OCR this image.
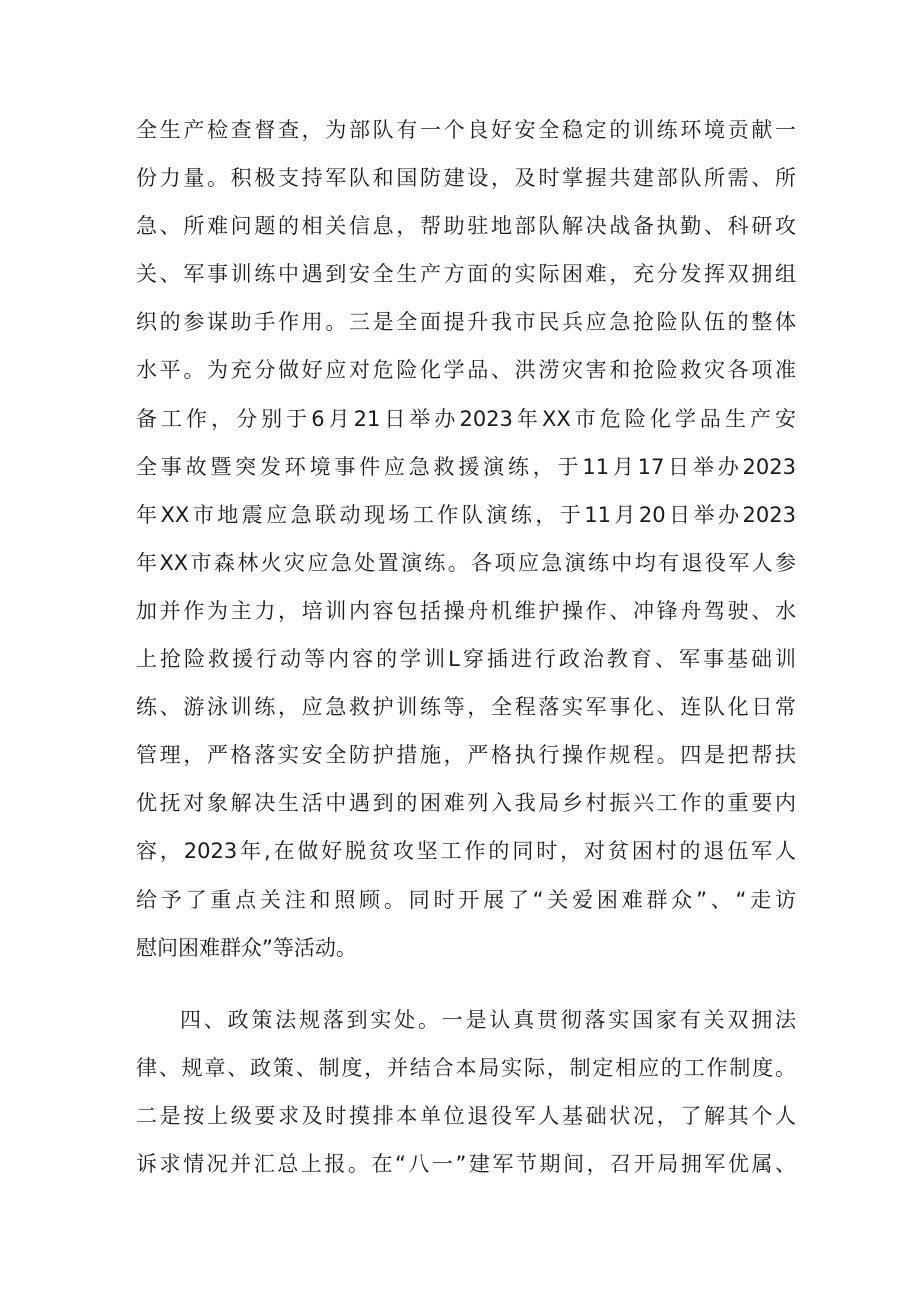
全生产检查督查，为部队有一个良好安全稳定的训练环境贡献一
份力量。积极支持军队和国防建设，及时掌握共建部队所需、所
急、所难问题的相关信息，帮助驻地部队解决战备执勤、科研攻
关、军事训练中遇到安全生产方面的实际困难，充分发挥双拥组
织的参谋助手作用。三是全面提升我市民兵应急抢险队伍的整体
水平。为充分做好应对危险化学品、洪涝灾害和抢险救灾各项准
备工作，分别于6月21日举办2023年XX市危险化学品生产安
全事故暨突发环境事件应急救援演练，于11月17日举办2023
年XX市地震应急联动现场工作队演练，于11月20日举办2023
年XX市森林火灾应急处置演练。各项应急演练中均有退役军人参
加并作为主力，培训内容包括操舟机维护操作、冲锋舟驾驶、水
上抢险救援行动等内容的学训L穿插进行政治教育、军事基础训
练、游泳训练，应急救护训练等，全程落实军事化、连队化日常
管理，严格落实安全防护措施，严格执行操作规程。四是把帮扶
优抚对象解决生活中遇到的困难列入我局乡村振兴工作的重要内
容，2023年,在做好脱贫攻坚工作的同时，对贫困村的退伍军人
给予了重点关注和照顾。同时开展了“关爱困难群众”、“走访
慰问困难群众”等活动。
四、政策法规落到实处。一是认真贯彻落实国家有关双拥法
律、规章、政策、制度，并结合本局实际，制定相应的工作制度。
二是按上级要求及时摸排本单位退役军人基础状况，了解其个人
诉求情况并汇总上报。在“八一”建军节期间，召开局拥军优属、
